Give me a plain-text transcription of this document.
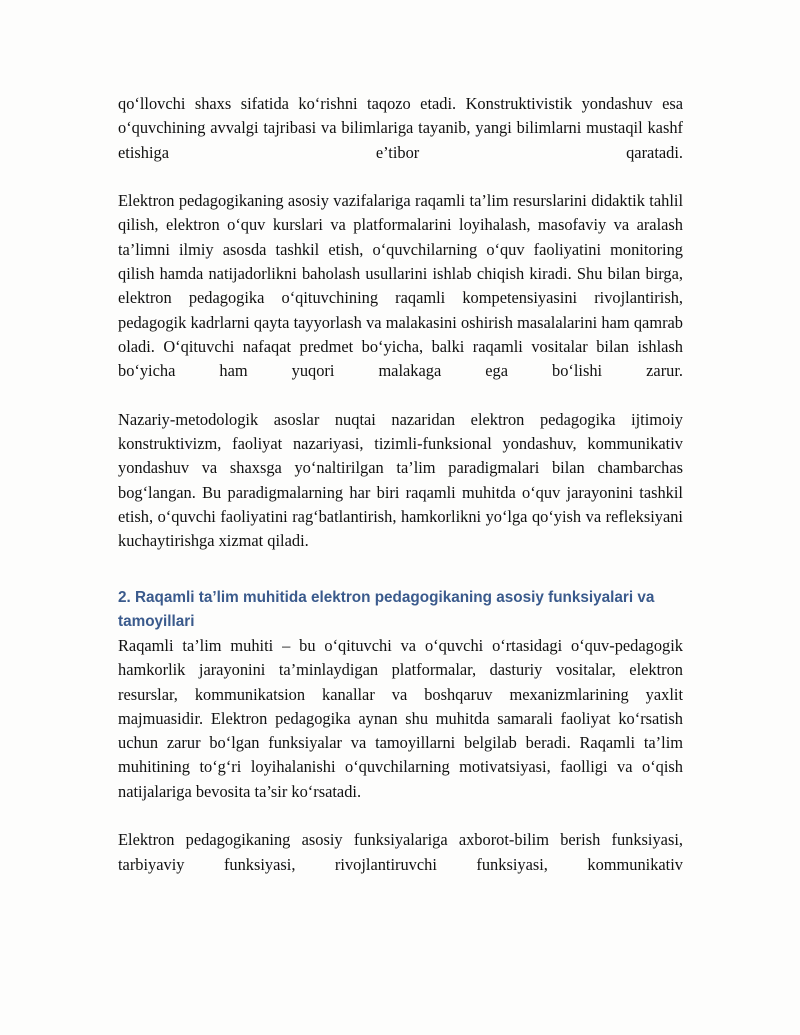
qo‘llovchi shaxs sifatida ko‘rishni taqozo etadi. Konstruktivistik yondashuv esa o‘quvchining avvalgi tajribasi va bilimlariga tayanib, yangi bilimlarni mustaqil kashf etishiga e’tibor qaratadi.

Elektron pedagogikaning asosiy vazifalariga raqamli ta’lim resurslarini didaktik tahlil qilish, elektron o‘quv kurslari va platformalarini loyihalash, masofaviy va aralash ta’limni ilmiy asosda tashkil etish, o‘quvchilarning o‘quv faoliyatini monitoring qilish hamda natijadorlikni baholash usullarini ishlab chiqish kiradi. Shu bilan birga, elektron pedagogika o‘qituvchining raqamli kompetensiyasini rivojlantirish, pedagogik kadrlarni qayta tayyorlash va malakasini oshirish masalalarini ham qamrab oladi. O‘qituvchi nafaqat predmet bo‘yicha, balki raqamli vositalar bilan ishlash bo‘yicha ham yuqori malakaga ega bo‘lishi zarur.

Nazariy-metodologik asoslar nuqtai nazaridan elektron pedagogika ijtimoiy konstruktivizm, faoliyat nazariyasi, tizimli-funksional yondashuv, kommunikativ yondashuv va shaxsga yo‘naltirilgan ta’lim paradigmalari bilan chambarchas bog‘langan. Bu paradigmalarning har biri raqamli muhitda o‘quv jarayonini tashkil etish, o‘quvchi faoliyatini rag‘batlantirish, hamkorlikni yo‘lga qo‘yish va refleksiyani kuchaytirishga xizmat qiladi.

2. Raqamli ta’lim muhitida elektron pedagogikaning asosiy funksiyalari va tamoyillari

Raqamli ta’lim muhiti – bu o‘qituvchi va o‘quvchi o‘rtasidagi o‘quv-pedagogik hamkorlik jarayonini ta’minlaydigan platformalar, dasturiy vositalar, elektron resurslar, kommunikatsion kanallar va boshqaruv mexanizmlarining yaxlit majmuasidir. Elektron pedagogika aynan shu muhitda samarali faoliyat ko‘rsatish uchun zarur bo‘lgan funksiyalar va tamoyillarni belgilab beradi. Raqamli ta’lim muhitining to‘g‘ri loyihalanishi o‘quvchilarning motivatsiyasi, faolligi va o‘qish natijalariga bevosita ta’sir ko‘rsatadi.

Elektron pedagogikaning asosiy funksiyalariga axborot-bilim berish funksiyasi, tarbiyaviy funksiyasi, rivojlantiruvchi funksiyasi, kommunikativ
